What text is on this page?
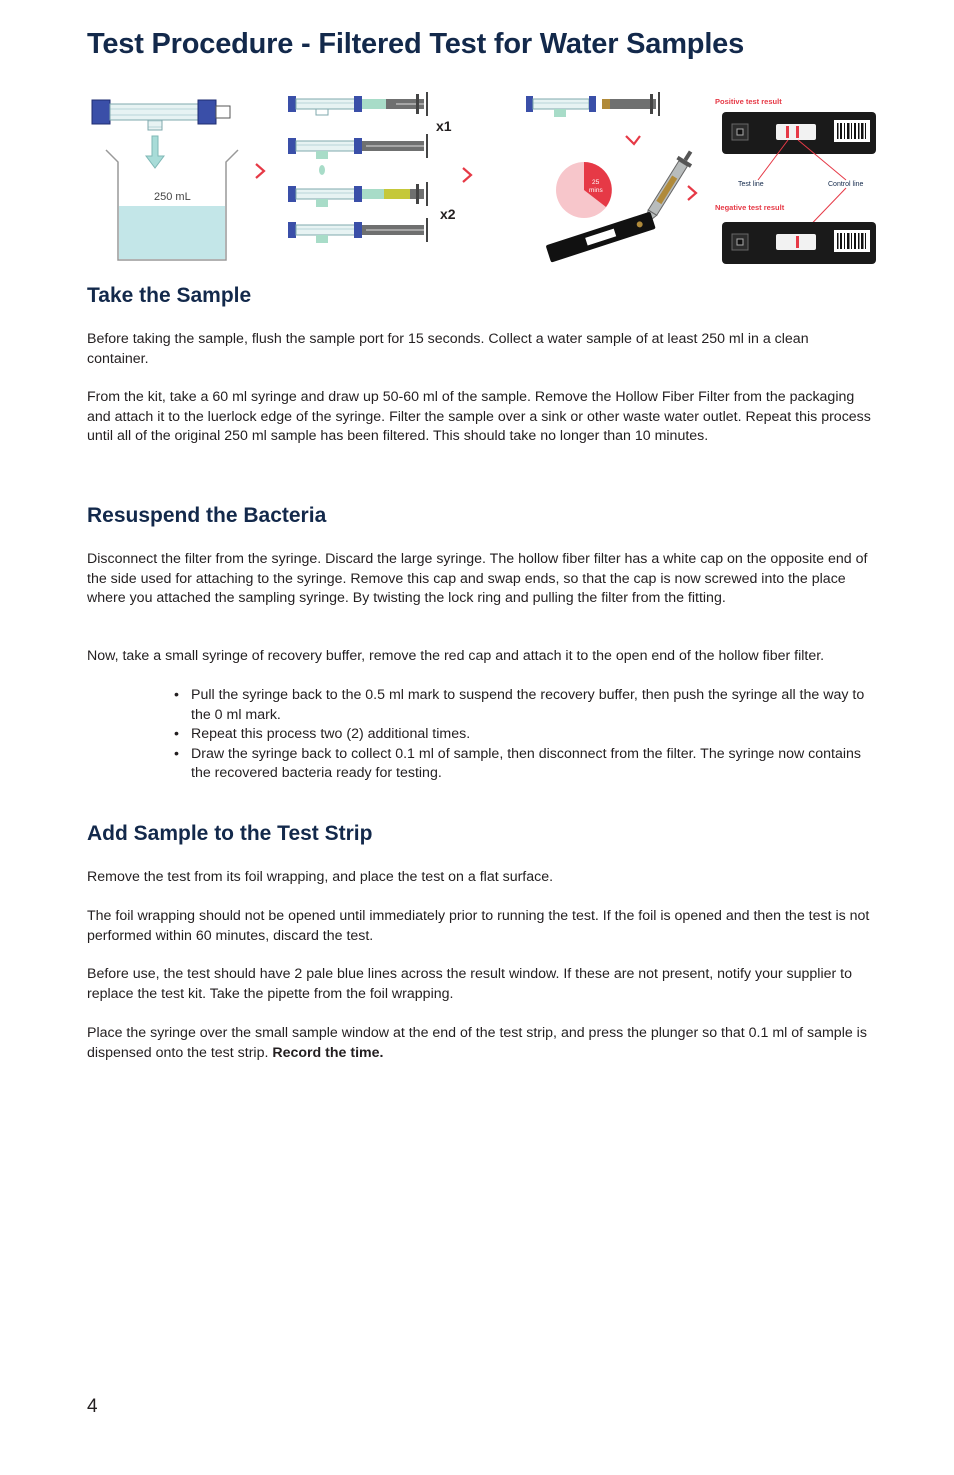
Test Procedure - Filtered Test for Water Samples
250 mL
x1
x2
25
mins
Positive test result
Test line	Control line
Negative test result
Take the Sample

Before taking the sample, flush the sample port for 15 seconds. Collect a water sample of at least 250 ml in a clean container.

From the kit, take a 60 ml syringe and draw up 50-60 ml of the sample. Remove the Hollow Fiber Filter from the packaging and attach it to the luerlock edge of the syringe. Filter the sample over a sink or other waste water outlet. Repeat this process until all of the original 250 ml sample has been filtered. This should take no longer than 10 minutes.

Resuspend the Bacteria

Disconnect the filter from the syringe. Discard the large syringe. The hollow fiber filter has a white cap on the opposite end of the side used for attaching to the syringe. Remove this cap and swap ends, so that the cap is now screwed into the place where you attached the sampling syringe. By twisting the lock ring and pulling the filter from the fitting.

Now, take a small syringe of recovery buffer, remove the red cap and attach it to the open end of the hollow fiber filter.

• Pull the syringe back to the 0.5 ml mark to suspend the recovery buffer, then push the syringe all the way to the 0 ml mark.
• Repeat this process two (2) additional times.
• Draw the syringe back to collect 0.1 ml of sample, then disconnect from the filter. The syringe now contains the recovered bacteria ready for testing.
Add Sample to the Test Strip

Remove the test from its foil wrapping, and place the test on a flat surface.

The foil wrapping should not be opened until immediately prior to running the test. If the foil is opened and then the test is not performed within 60 minutes, discard the test.

Before use, the test should have 2 pale blue lines across the result window. If these are not present, notify your supplier to replace the test kit. Take the pipette from the foil wrapping.

Place the syringe over the small sample window at the end of the test strip, and press the plunger so that 0.1 ml of sample is dispensed onto the test strip. Record the time.

4
